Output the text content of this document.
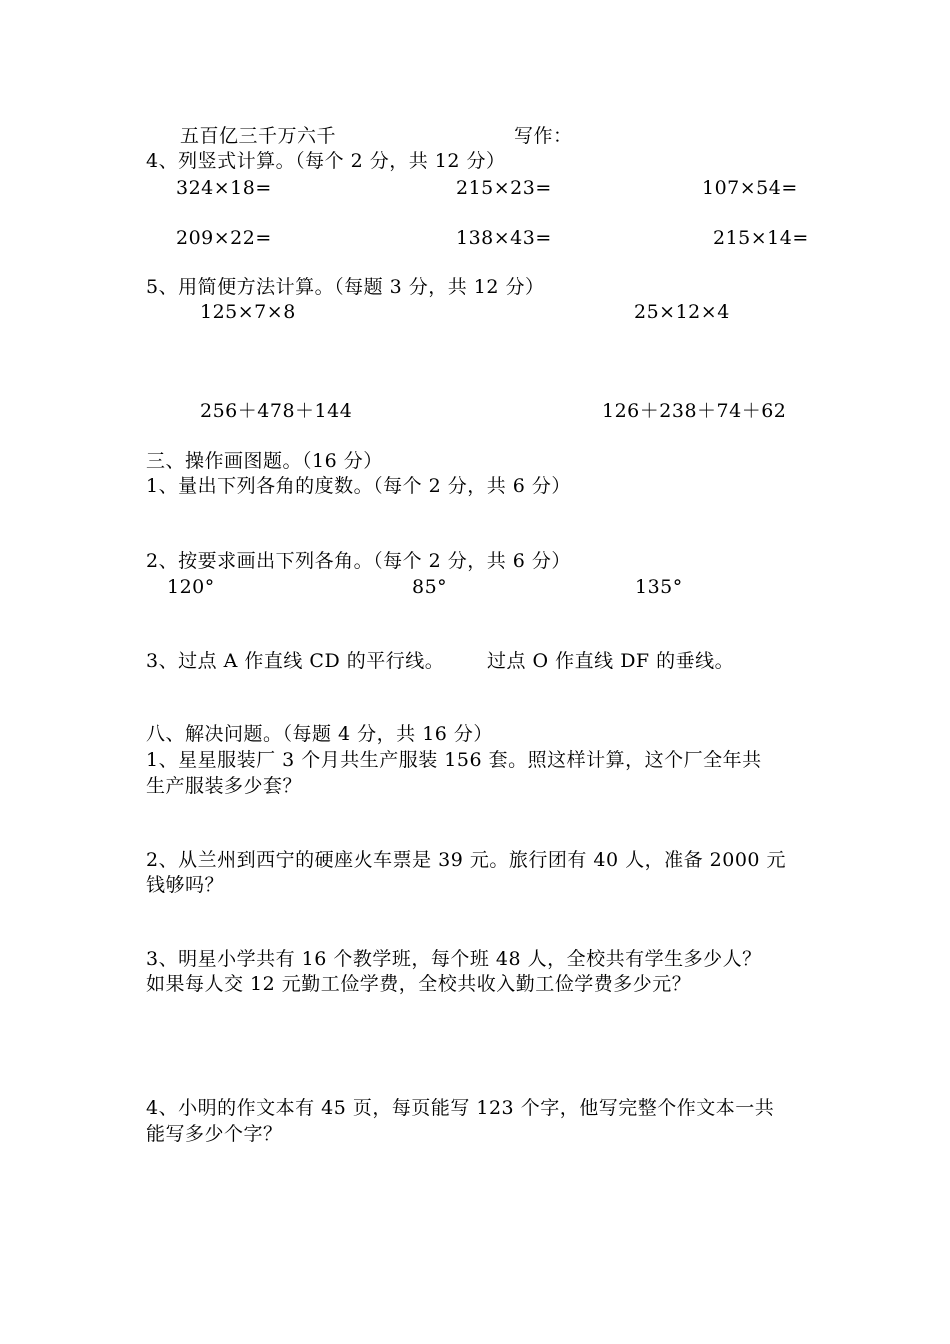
五百亿三千万六千	写作：
4、列竖式计算。（每个 2 分，共 12 分）
324×18=	215×23=	107×54=
209×22=	138×43=	215×14=
5、用简便方法计算。（每题 3 分，共 12 分）
125×7×8	25×12×4
256＋478＋144	126＋238＋74＋62
三、操作画图题。（16 分）
1、量出下列各角的度数。（每个 2 分，共 6 分）
2、按要求画出下列各角。（每个 2 分，共 6 分）
120°	85°	135°
3、过点 A 作直线 CD 的平行线。 过点 O 作直线 DF 的垂线。
八、解决问题。（每题 4 分，共 16 分）
1、星星服装厂 3 个月共生产服装 156 套。照这样计算，这个厂全年共
生产服装多少套？
2、从兰州到西宁的硬座火车票是 39 元。旅行团有 40 人，准备 2000 元
钱够吗？
3、明星小学共有 16 个教学班，每个班 48 人，全校共有学生多少人？
如果每人交 12 元勤工俭学费，全校共收入勤工俭学费多少元？
4、小明的作文本有 45 页，每页能写 123 个字，他写完整个作文本一共
能写多少个字？
